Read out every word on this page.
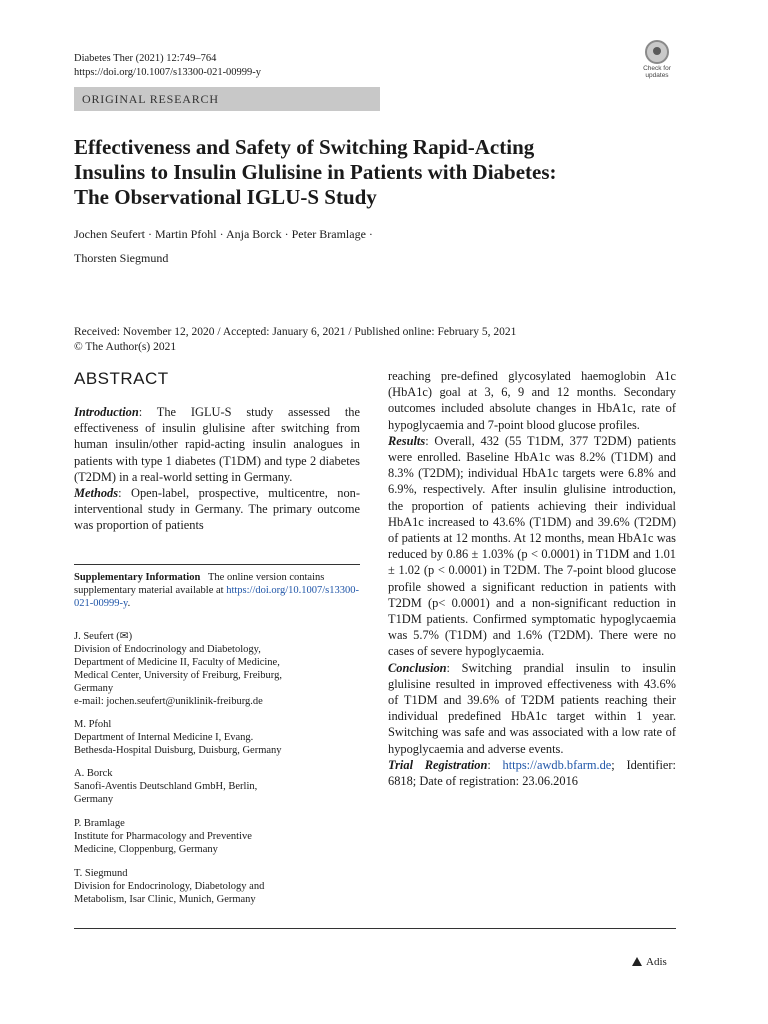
Diabetes Ther (2021) 12:749–764
https://doi.org/10.1007/s13300-021-00999-y	Check for
updates
ORIGINAL RESEARCH
Effectiveness and Safety of Switching Rapid-Acting
Insulins to Insulin Glulisine in Patients with Diabetes:
The Observational IGLU-S Study
Jochen Seufert · Martin Pfohl · Anja Borck · Peter Bramlage ·
Thorsten Siegmund
Received: November 12, 2020 / Accepted: January 6, 2021 / Published online: February 5, 2021
© The Author(s) 2021
ABSTRACT

Introduction: The IGLU-S study assessed the effectiveness of insulin glulisine after switching from human insulin/other rapid-acting insulin analogues in patients with type 1 diabetes (T1DM) and type 2 diabetes (T2DM) in a real-world setting in Germany.

Methods: Open-label, prospective, multicentre, non-interventional study in Germany. The primary outcome was proportion of patients

Supplementary Information The online version contains supplementary material available at https://doi.org/10.1007/s13300-021-00999-y.
J. Seufert (✉)
Division of Endocrinology and Diabetology,
Department of Medicine II, Faculty of Medicine,
Medical Center, University of Freiburg, Freiburg,
Germany
e-mail: jochen.seufert@uniklinik-freiburg.de
M. Pfohl
Department of Internal Medicine I, Evang.
Bethesda-Hospital Duisburg, Duisburg, Germany
A. Borck
Sanofi-Aventis Deutschland GmbH, Berlin,
Germany
P. Bramlage
Institute for Pharmacology and Preventive
Medicine, Cloppenburg, Germany
T. Siegmund
Division for Endocrinology, Diabetology and
Metabolism, Isar Clinic, Munich, Germany

reaching pre-defined glycosylated haemoglobin A1c (HbA1c) goal at 3, 6, 9 and 12 months. Secondary outcomes included absolute changes in HbA1c, rate of hypoglycaemia and 7-point blood glucose profiles.

Results: Overall, 432 (55 T1DM, 377 T2DM) patients were enrolled. Baseline HbA1c was 8.2% (T1DM) and 8.3% (T2DM); individual HbA1c targets were 6.8% and 6.9%, respectively. After insulin glulisine introduction, the proportion of patients achieving their individual HbA1c increased to 43.6% (T1DM) and 39.6% (T2DM) of patients at 12 months. At 12 months, mean HbA1c was reduced by 0.86 ± 1.03% (p < 0.0001) in T1DM and 1.01 ± 1.02 (p < 0.0001) in T2DM. The 7-point blood glucose profile showed a significant reduction in patients with T2DM (p< 0.0001) and a non-significant reduction in T1DM patients. Confirmed symptomatic hypoglycaemia was 5.7% (T1DM) and 1.6% (T2DM). There were no cases of severe hypoglycaemia.

Conclusion: Switching prandial insulin to insulin glulisine resulted in improved effectiveness with 43.6% of T1DM and 39.6% of T2DM patients reaching their individual predefined HbA1c target within 1 year. Switching was safe and was associated with a low rate of hypoglycaemia and adverse events.

Trial Registration: https://awdb.bfarm.de; Identifier: 6818; Date of registration: 23.06.2016

Adis
